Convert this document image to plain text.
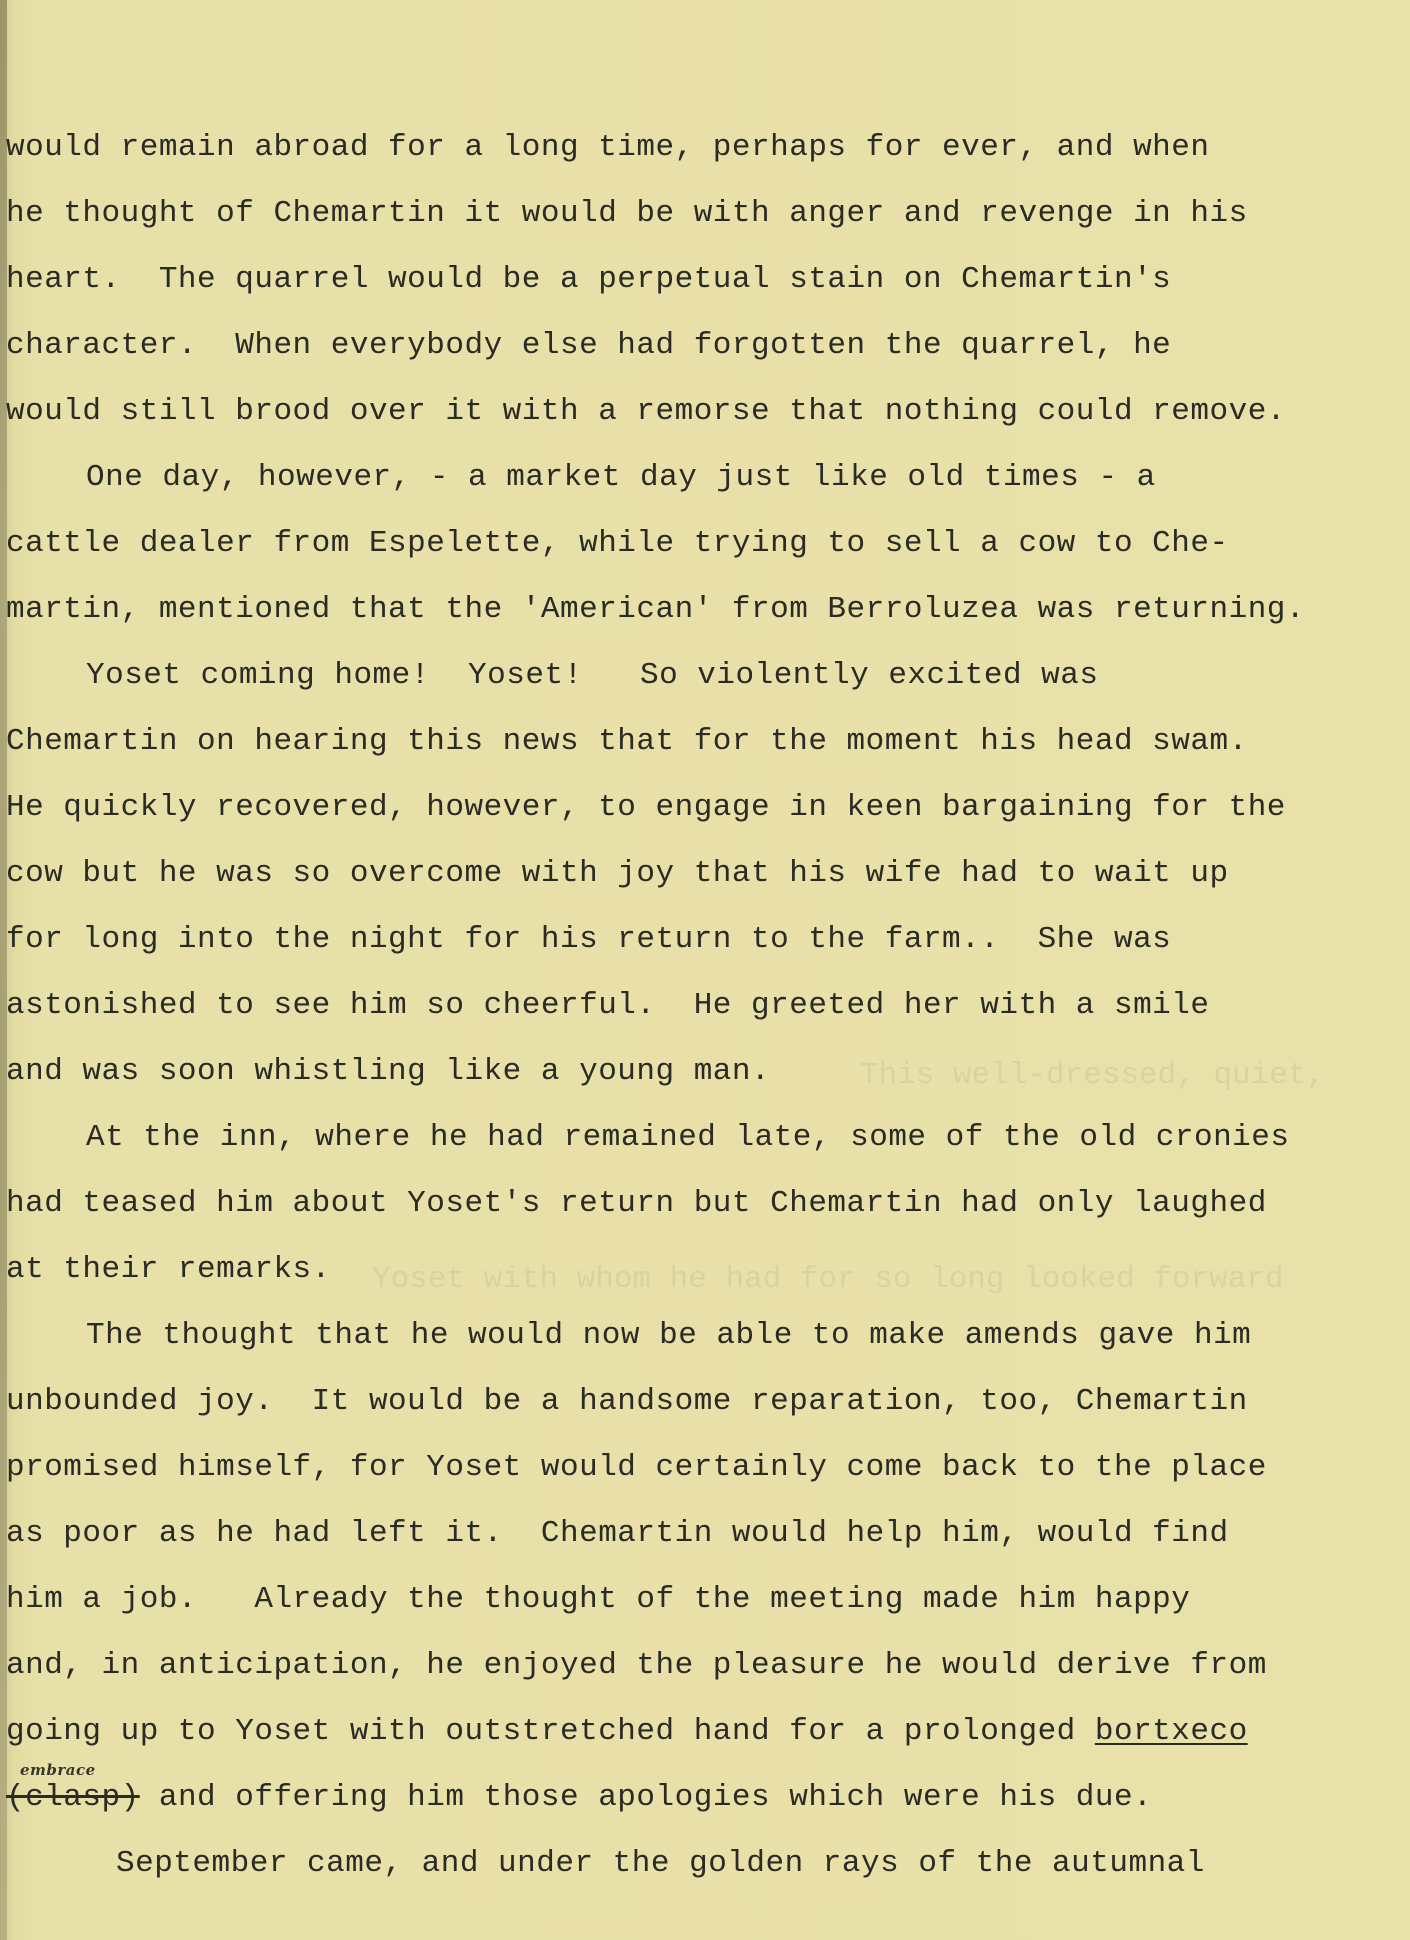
This well-dressed, quiet,
Yoset with whom he had for so long looked forward
would remain abroad for a long time, perhaps for ever, and when
he thought of Chemartin it would be with anger and revenge in his
heart.  The quarrel would be a perpetual stain on Chemartin's
character.  When everybody else had forgotten the quarrel, he
would still brood over it with a remorse that nothing could remove.
One day, however, - a market day just like old times - a
cattle dealer from Espelette, while trying to sell a cow to Che-
martin, mentioned that the 'American' from Berroluzea was returning.
Yoset coming home!  Yoset!   So violently excited was
Chemartin on hearing this news that for the moment his head swam.
He quickly recovered, however, to engage in keen bargaining for the
cow but he was so overcome with joy that his wife had to wait up
for long into the night for his return to the farm..  She was
astonished to see him so cheerful.  He greeted her with a smile
and was soon whistling like a young man.
At the inn, where he had remained late, some of the old cronies
had teased him about Yoset's return but Chemartin had only laughed
at their remarks.
The thought that he would now be able to make amends gave him
unbounded joy.  It would be a handsome reparation, too, Chemartin
promised himself, for Yoset would certainly come back to the place
as poor as he had left it.  Chemartin would help him, would find
him a job.   Already the thought of the meeting made him happy
and, in anticipation, he enjoyed the pleasure he would derive from
going up to Yoset with outstretched hand for a prolonged bortxeco
embrace
(clasp) and offering him those apologies which were his due.
September came, and under the golden rays of the autumnal
